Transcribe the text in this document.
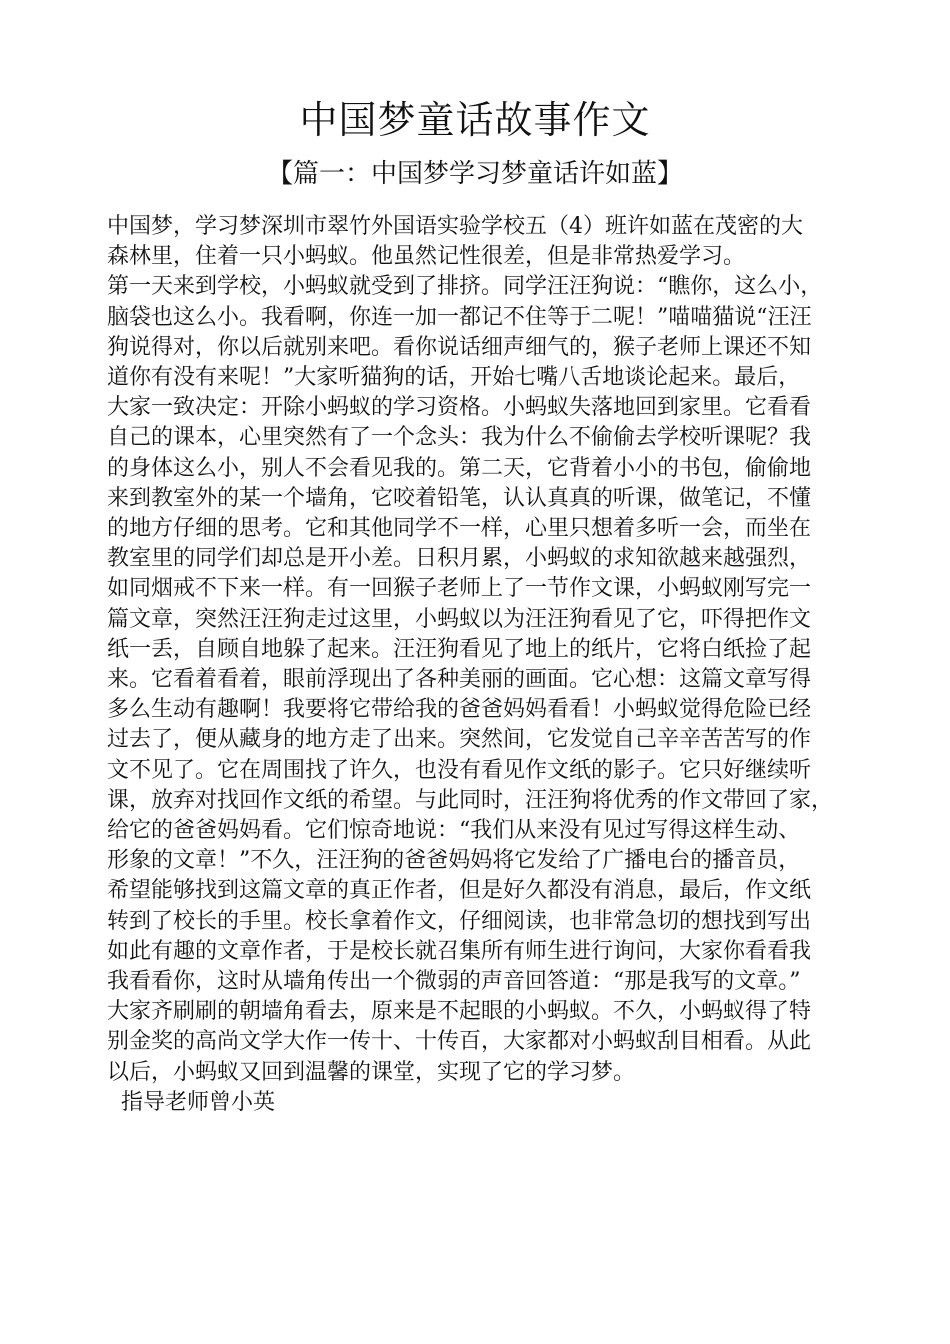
中国梦童话故事作文
【篇一：中国梦学习梦童话许如蓝】
中国梦，学习梦深圳市翠竹外国语实验学校五（4）班许如蓝在茂密的大
森林里，住着一只小蚂蚁。他虽然记性很差，但是非常热爱学习。
第一天来到学校，小蚂蚁就受到了排挤。同学汪汪狗说：“瞧你，这么小，
脑袋也这么小。我看啊，你连一加一都记不住等于二呢！”喵喵猫说“汪汪
狗说得对，你以后就别来吧。看你说话细声细气的，猴子老师上课还不知
道你有没有来呢！”大家听猫狗的话，开始七嘴八舌地谈论起来。最后，
大家一致决定：开除小蚂蚁的学习资格。小蚂蚁失落地回到家里。它看看
自己的课本，心里突然有了一个念头：我为什么不偷偷去学校听课呢？我
的身体这么小，别人不会看见我的。第二天，它背着小小的书包，偷偷地
来到教室外的某一个墙角，它咬着铅笔，认认真真的听课，做笔记，不懂
的地方仔细的思考。它和其他同学不一样，心里只想着多听一会，而坐在
教室里的同学们却总是开小差。日积月累，小蚂蚁的求知欲越来越强烈，
如同烟戒不下来一样。有一回猴子老师上了一节作文课，小蚂蚁刚写完一
篇文章，突然汪汪狗走过这里，小蚂蚁以为汪汪狗看见了它，吓得把作文
纸一丢，自顾自地躲了起来。汪汪狗看见了地上的纸片，它将白纸捡了起
来。它看着看着，眼前浮现出了各种美丽的画面。它心想：这篇文章写得
多么生动有趣啊！我要将它带给我的爸爸妈妈看看！小蚂蚁觉得危险已经
过去了，便从藏身的地方走了出来。突然间，它发觉自己辛辛苦苦写的作
文不见了。它在周围找了许久，也没有看见作文纸的影子。它只好继续听
课，放弃对找回作文纸的希望。与此同时，汪汪狗将优秀的作文带回了家，
给它的爸爸妈妈看。它们惊奇地说：“我们从来没有见过写得这样生动、
形象的文章！”不久，汪汪狗的爸爸妈妈将它发给了广播电台的播音员，
希望能够找到这篇文章的真正作者，但是好久都没有消息，最后，作文纸
转到了校长的手里。校长拿着作文，仔细阅读，也非常急切的想找到写出
如此有趣的文章作者，于是校长就召集所有师生进行询问，大家你看看我
我看看你，这时从墙角传出一个微弱的声音回答道：“那是我写的文章。”
大家齐刷刷的朝墙角看去，原来是不起眼的小蚂蚁。不久，小蚂蚁得了特
别金奖的高尚文学大作一传十、十传百，大家都对小蚂蚁刮目相看。从此
以后，小蚂蚁又回到温馨的课堂，实现了它的学习梦。
指导老师曾小英
